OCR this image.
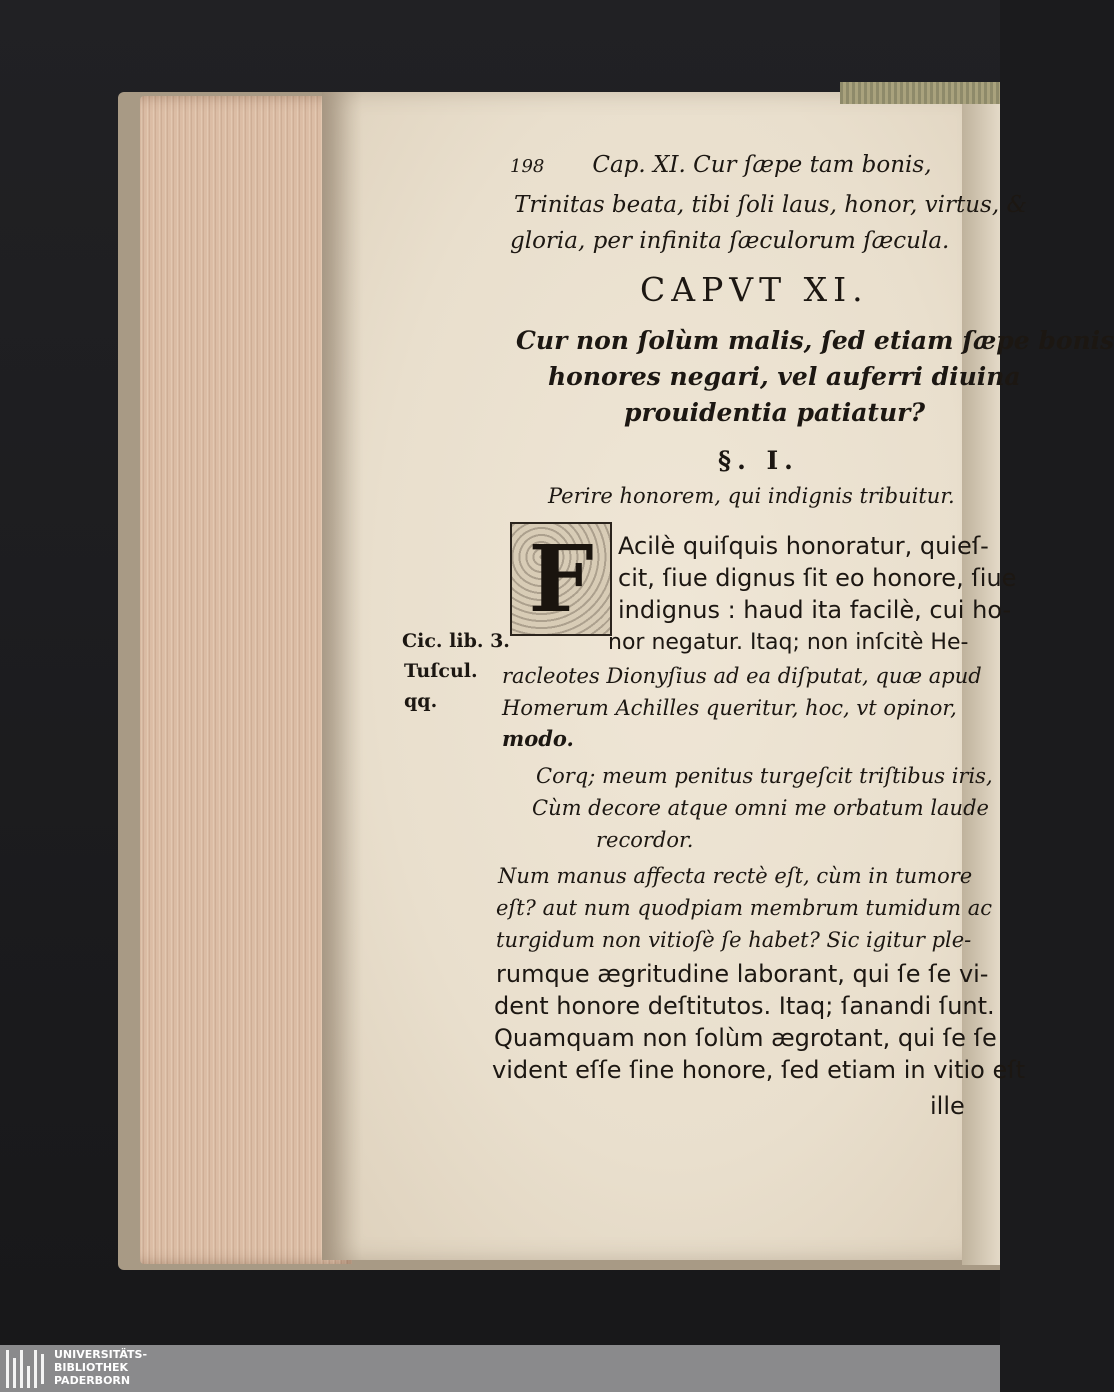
198 Cap. XI. Cur ſæpe tam bonis,
Trinitas beata, tibi ſoli laus, honor, virtus, &
gloria, per infinita ſæculorum ſæcula.
CAPVT XI.
Cur non ſolùm malis, ſed etiam ſæpe bonis
honores negari, vel auferri diuina
prouidentia patiatur?
§. I.
Perire honorem, qui indignis tribuitur.
F	Acilè quiſquis honoratur, quieſ-
cit, ſiue dignus ſit eo honore, ſiue
indignus : haud ita facilè, cui ho-
nor negatur. Itaq; non inſcitè He-
racleotes Dionyſius ad ea diſputat, quæ apud
Homerum Achilles queritur, hoc, vt opinor,
modo.
Cic. lib. 3.
Tuſcul.
qq.
Corq; meum penitus turgeſcit triſtibus iris,
Cùm decore atque omni me orbatum laude
recordor.
Num manus affecta rectè eſt, cùm in tumore
eſt? aut num quodpiam membrum tumidum ac
turgidum non vitioſè ſe habet? Sic igitur ple-
rumque ægritudine laborant, qui ſe ſe vi-
dent honore deſtitutos. Itaq; ſanandi ſunt.
Quamquam non ſolùm ægrotant, qui ſe ſe
vident eſſe ſine honore, ſed etiam in vitio eſt
ille
UNIVERSITÄTS-
BIBLIOTHEK
PADERBORN
